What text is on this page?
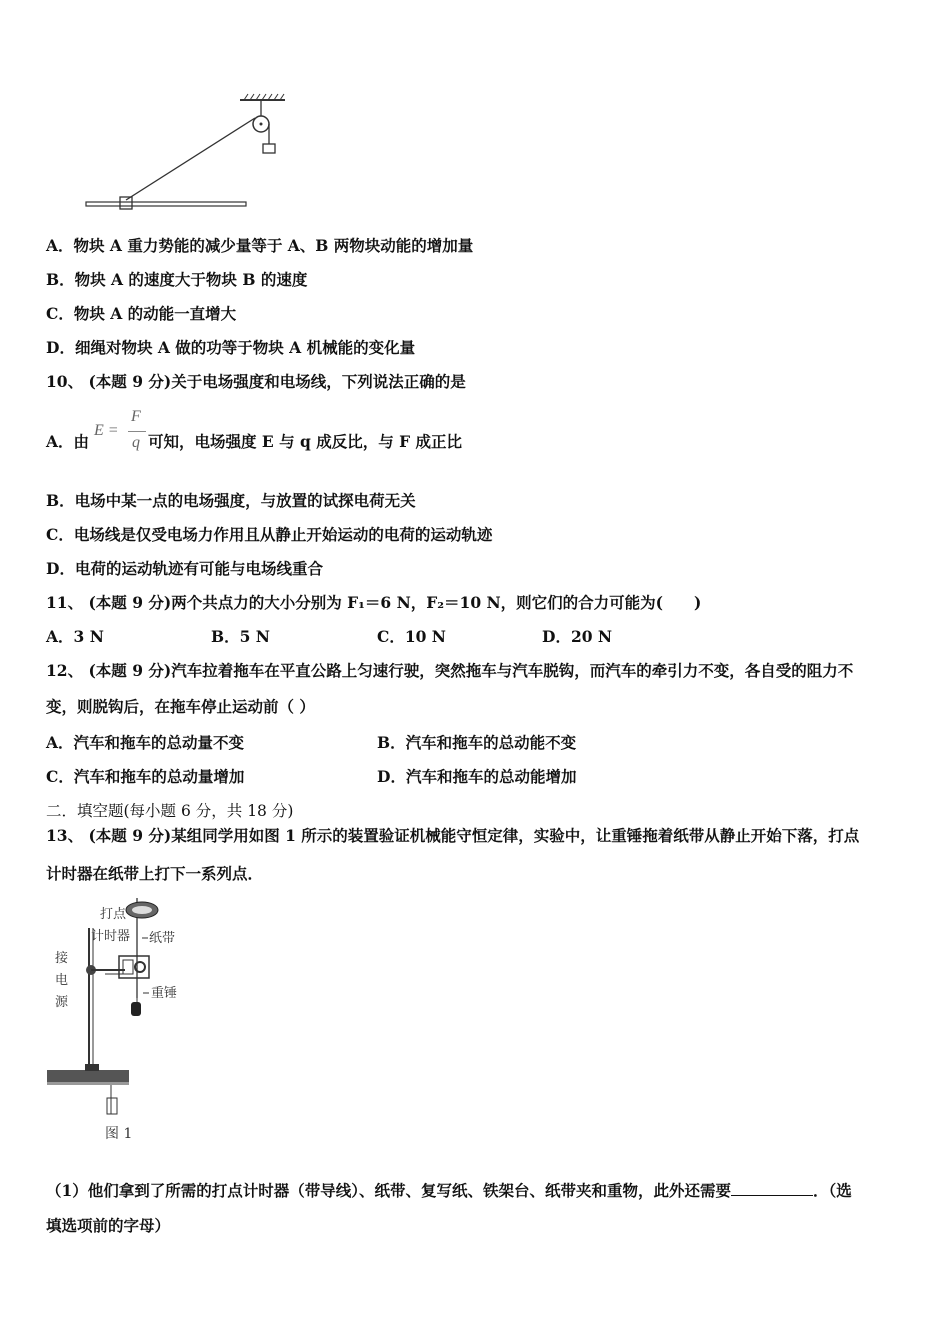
A．物块 A 重力势能的减少量等于 A、B 两物块动能的增加量
B．物块 A 的速度大于物块 B 的速度
C．物块 A 的动能一直增大
D．细绳对物块 A 做的功等于物块 A 机械能的变化量
10、 (本题 9 分)关于电场强度和电场线，下列说法正确的是
A．由
E =
F
q 可知，电场强度 E 与 q 成反比，与 F 成正比
B．电场中某一点的电场强度，与放置的试探电荷无关
C．电场线是仅受电场力作用且从静止开始运动的电荷的运动轨迹
D．电荷的运动轨迹有可能与电场线重合
11、 (本题 9 分)两个共点力的大小分别为 F₁＝6 N，F₂＝10 N，则它们的合力可能为(　　)
A．3 N	B．5 N	C．10 N	D．20 N
12、 (本题 9 分)汽车拉着拖车在平直公路上匀速行驶，突然拖车与汽车脱钩，而汽车的牵引力不变，各自受的阻力不
变，则脱钩后，在拖车停止运动前（ ）
A．汽车和拖车的总动量不变	B．汽车和拖车的总动能不变
C．汽车和拖车的总动量增加	D．汽车和拖车的总动能增加
二．填空题(每小题 6 分，共 18 分)
13、 (本题 9 分)某组同学用如图 1 所示的装置验证机械能守恒定律，实验中，让重锤拖着纸带从静止开始下落，打点
计时器在纸带上打下一系列点．
打点
计时器 纸带
接
电
源
重锤
图 1
（1）他们拿到了所需的打点计时器（带导线）、纸带、复写纸、铁架台、纸带夹和重物，此外还需要	．（选
填选项前的字母）
